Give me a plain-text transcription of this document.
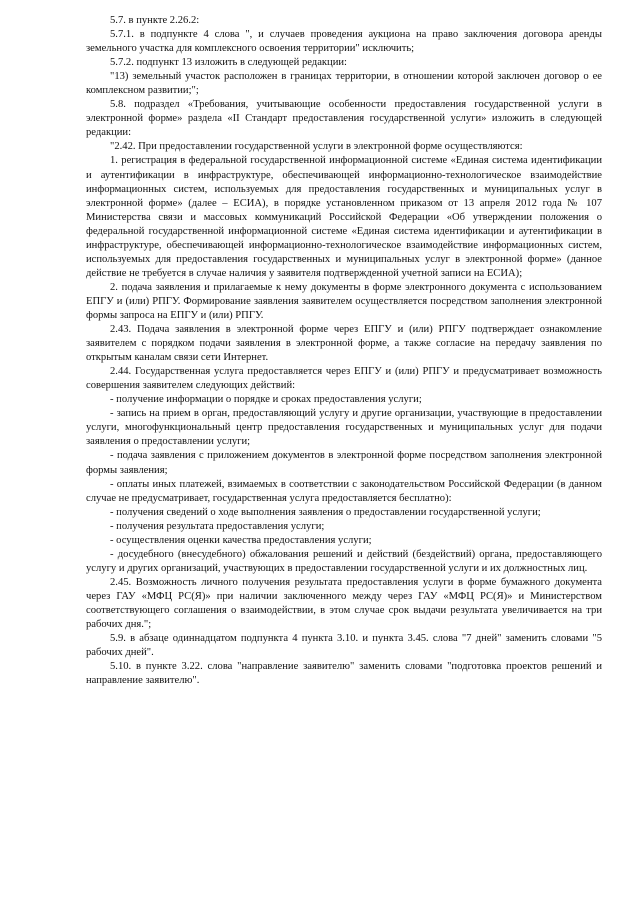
5.7. в пункте 2.26.2:

5.7.1. в подпункте 4 слова ", и случаев проведения аукциона на право заключения договора аренды земельного участка для комплексного освоения территории" исключить;

5.7.2. подпункт 13 изложить в следующей редакции:

"13) земельный участок расположен в границах территории, в отношении которой заключен договор о ее комплексном развитии;";

5.8. подраздел «Требования, учитывающие особенности предоставления государственной услуги в электронной форме» раздела «II Стандарт предоставления государственной услуги» изложить в следующей редакции:

"2.42. При предоставлении государственной услуги в электронной форме осуществляются:

1. регистрация в федеральной государственной информационной системе «Единая система идентификации и аутентификации в инфраструктуре, обеспечивающей информационно-технологическое взаимодействие информационных систем, используемых для предоставления государственных и муниципальных услуг в электронной форме» (далее – ЕСИА), в порядке установленном приказом от 13 апреля 2012 года № 107 Министерства связи и массовых коммуникаций Российской Федерации «Об утверждении положения о федеральной государственной информационной системе «Единая система идентификации и аутентификации в инфраструктуре, обеспечивающей информационно-технологическое взаимодействие информационных систем, используемых для предоставления государственных и муниципальных услуг в электронной форме» (данное действие не требуется в случае наличия у заявителя подтвержденной учетной записи на ЕСИА);

2. подача заявления и прилагаемые к нему документы в форме электронного документа с использованием ЕПГУ и (или) РПГУ. Формирование заявления заявителем осуществляется посредством заполнения электронной формы запроса на ЕПГУ и (или) РПГУ.

2.43. Подача заявления в электронной форме через ЕПГУ и (или) РПГУ подтверждает ознакомление заявителем с порядком подачи заявления в электронной форме, а также согласие на передачу заявления по открытым каналам связи сети Интернет.

2.44. Государственная услуга предоставляется через ЕПГУ и (или) РПГУ и предусматривает возможность совершения заявителем следующих действий:

- получение информации о порядке и сроках предоставления услуги;

- запись на прием в орган, предоставляющий услугу и другие организации, участвующие в предоставлении услуги, многофункциональный центр предоставления государственных и муниципальных услуг для подачи заявления о предоставлении услуги;

- подача заявления с приложением документов в электронной форме посредством заполнения электронной формы заявления;

- оплаты иных платежей, взимаемых в соответствии с законодательством Российской Федерации (в данном случае не предусматривает, государственная услуга предоставляется бесплатно):

- получения сведений о ходе выполнения заявления о предоставлении государственной услуги;

- получения результата предоставления услуги;

- осуществления оценки качества предоставления услуги;

- досудебного (внесудебного) обжалования решений и действий (бездействий) органа, предоставляющего услугу и других организаций, участвующих в предоставлении государственной услуги и их должностных лиц.

2.45. Возможность личного получения результата предоставления услуги в форме бумажного документа через ГАУ «МФЦ РС(Я)» при наличии заключенного между через ГАУ «МФЦ РС(Я)» и Министерством соответствующего соглашения о взаимодействии, в этом случае срок выдачи результата увеличивается на три рабочих дня.";

5.9. в абзаце одиннадцатом подпункта 4 пункта 3.10. и пункта 3.45. слова "7 дней" заменить словами "5 рабочих дней".

5.10. в пункте 3.22. слова "направление заявителю" заменить словами "подготовка проектов решений и направление заявителю".
